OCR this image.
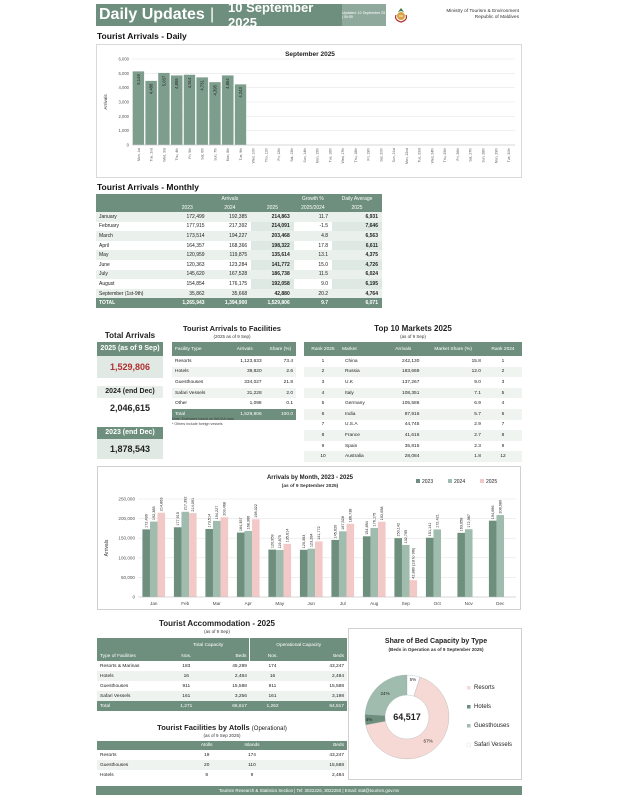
Daily Updates |	10 September 2025
Updated: 10 September 25 | 09:55
Ministry of Tourism & Environment
Republic of Maldives
Tourist Arrivals - Daily
September 2025
0
1,000
2,000
3,000
4,000
5,000
6,000
Arrivals
5,149
Mon, 1st
4,488
Tue, 2nd
5,037
Wed, 3rd
4,859
Thu, 4th
4,914
Fri, 5th
4,731
Sat, 6th
4,395
Sun, 7th
4,864
Mon, 8th
4,243
Tue, 9th	Wed, 10th	Thu, 11th	Fri, 12th	Sat, 13th	Sun, 14th	Mon, 15th	Tue, 16th	Wed, 17th	Thu, 18th	Fri, 19th	Sat, 20th	Sun, 21st	Mon, 22nd	Tue, 23rd	Wed, 24th	Thu, 25th	Fri, 26th	Sat, 27th	Sun, 28th	Mon, 29th	Tue, 30th
Tourist Arrivals - Monthly
	Arrivals			Growth %	Daily Average
	2023	2024	2025	2025/2024	2025
January	172,499	192,385	214,863	11.7	6,931
February	177,915	217,392	214,091	-1.5	7,646
March	173,514	194,227	203,468	4.8	6,563
April	164,357	168,366	198,322	17.8	6,611
May	120,959	119,875	135,614	13.1	4,375
June	120,363	123,284	141,772	15.0	4,726
July	145,620	167,528	186,738	11.5	6,024
August	154,854	176,175	192,058	9.0	6,195
September (1st-9th)	35,862	35,668	42,880	20.2	4,764
TOTAL	1,265,943	1,394,900	1,529,806	9.7	6,071
Total Arrivals
2025 (as of 9 Sep)
1,529,806
2024 (end Dec)
2,046,615
2023 (end Dec)
1,878,543
Tourist Arrivals to Facilities
(2025 as of 9 Sep)
Facility Type	Arrivals	Share (%)
Resorts	1,123,633	73.4
Hotels	39,820	2.6
Guesthouses	334,027	21.8
Safari Vessels	31,228	2.0
Other	1,098	0.1
Total	1,529,806	100.0
Note: Estimates based on IMUGA data
* Others include foreign vessels
Top 10 Markets 2025
(as of 9 Sep)
Rank 2025	Market	Arrivals	Market Share (%)	Rank 2024
1	China	242,130	15.8	1
2	Russia	183,669	12.0	2
3	U.K	137,267	9.0	3
4	Italy	108,351	7.1	5
5	Germany	105,586	6.9	4
6	India	87,916	5.7	6
7	U.S.A	44,745	2.9	7
8	France	41,616	2.7	8
9	Spain	35,815	2.3	9
10	Australia	28,084	1.8	12
Arrivals by Month, 2023 - 2025
(as of 9 September 2025)
2023	2024	2025
0
50,000
100,000
150,000
200,000
250,000
Arrivals
172,499
192,385
214,863
Jan
177,915
217,392 214,091
Feb
173,514
194,227 203,468
Mar
164,357 168,366
198,322
Apr
120,959 119,875 135,614
May
120,363 123,284
141,772
Jun
145,620
167,528
186,738
Jul
154,854
176,175 192,058
Aug
150,142 132,795
42,880 (1st to 9th)
Sep
151,141
172,421
Oct
163,658 172,987
Nov
194,696 208,980
Dec
Tourist Accommodation - 2025
(as of 9 Sep)
	Total Capacity		Operational Capacity	
Type of Facilities	Nos.	Beds	Nos.	Beds
Resorts & Marinas	183	45,289	174	43,247
Hotels	16	2,484	16	2,484
Guesthouses	911	15,588	911	15,588
Safari Vessels	161	3,256	161	3,198
Total	1,271	66,617	1,262	64,517
Tourist Facilities by Atolls (Operational)
(as of 9 Sep 2025)
	Atolls	Islands	Beds
Resorts	19	174	43,247
Guesthouses	20	110	15,588
Hotels	8	9	2,484
Share of Bed Capacity by Type
(Beds in Operation as of 9 September 2025)
67%
4%
24%
5%
64,517
Resorts
Hotels
Guesthouses
Safari Vessels
Tourism Research & Statistics Section | Tel: 3022226, 3022250 | Email: stat@tourism.gov.mv
